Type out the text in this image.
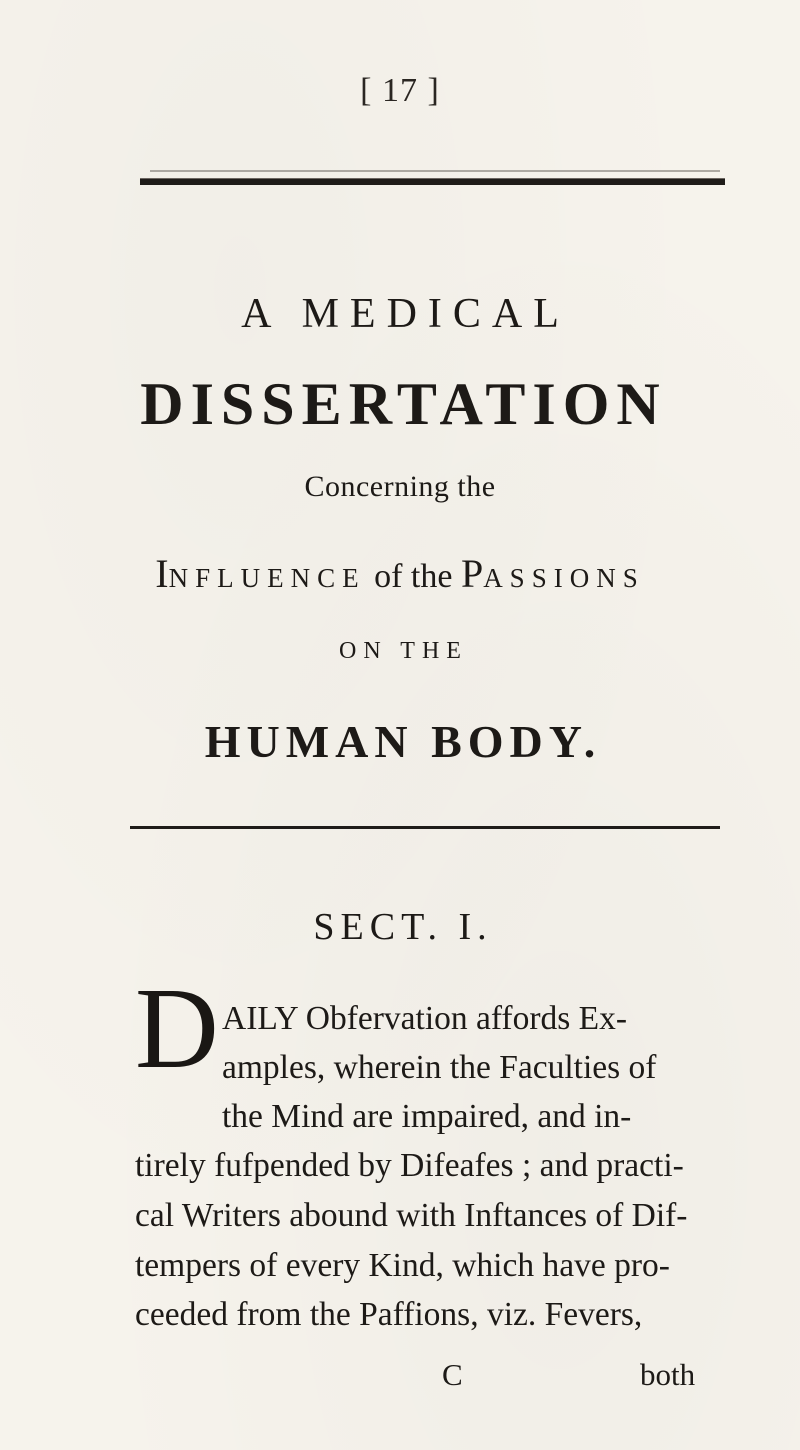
[ 17 ]
A MEDICAL
DISSERTATION
Concerning the
INFLUENCE of the PASSIONS
ON THE
HUMAN BODY.
SECT. I.
D AILY Obfervation affords Ex-
amples, wherein the Faculties of
the Mind are impaired, and in-
tirely fufpended by Difeafes ; and practi-
cal Writers abound with Inftances of Dif-
tempers of every Kind, which have pro-
ceeded from the Paffions, viz. Fevers,
C	both
